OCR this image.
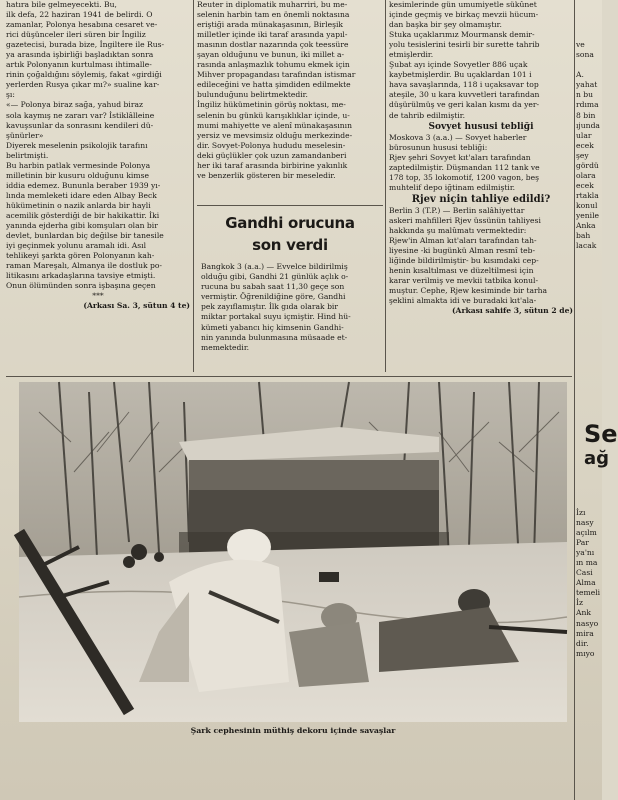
hatıra bile gelmeyecekti. Bu,

ilk defa, 22 haziran 1941 de belirdi. O

zamanlar, Polonya hesabına cesaret ve-

rici düşünceler ileri süren bir İngiliz

gazetecisi, burada bize, İngiltere ile Rus-

ya arasında işbirliği başladıktan sonra

artık Polonyanın kurtulması ihtimalle-

rinin çoğaldığını söylemiş, fakat «girdiği

yerlerden Rusya çıkar mı?» sualine kar-

şı:

«— Polonya biraz sağa, yahud biraz

sola kaymış ne zararı var? İstiklâlleine

kavuşsunlar da sonrasını kendileri dü-

şünürler»

Diyerek meselenin psikolojik tarafını

belirtmişti.

Bu harbin patlak vermesinde Polonya

milletinin bir kusuru olduğunu kimse

iddia edemez. Bununla beraber 1939 yı-

lında memleketi idare eden Albay Beck

hükümetinin o nazik anlarda bir hayli

acemilik gösterdiği de bir hakikattir. İki

yanında ejderha gibi komşuları olan bir

devlet, bunlardan biç değilse bir tanesile

iyi geçinmek yolunu aramalı idi. Asıl

tehlikeyi şarkta gören Polonyanın kah-

raman Mareşalı, Almanya ile dostluk po-

litikasını arkadaşlarına tavsiye etmişti.

Onun ölümünden sonra işbaşına geçen

***

(Arkası Sa. 3, sütun 4 te)

Reuter in diplomatik muharriri, bu me-

selenin harbin tam en önemli noktasına

eriştiği arada münakaşasının, Birleşik

milletler içinde iki taraf arasında yapıl-

masının dostlar nazarında çok teessüre

şayan olduğunu ve bunun, iki millet a-

rasında anlaşmazlık tohumu ekmek için

Mihver propagandası tarafından istismar

edileceğini ve hatta şimdiden edilmekte

bulunduğunu belirtmektedir.

İngiliz hükümetinin görüş noktası, me-

selenin bu günkü karışıklıklar içinde, u-

mumi mahiyette ve alenî münakaşasının

yersiz ve mevsimsiz olduğu merkezinde-

dir. Sovyet-Polonya hududu meselesin-

deki güçlükler çok uzun zamandanberi

her iki taraf arasında birbirine yakınlık

ve benzerlik gösteren bir meseledir.

Gandhi orucuna
son verdi

Bangkok 3 (a.a.) — Evvelce bildirilmiş

olduğu gibi, Gandhi 21 günlük açlık o-

rucuna bu sabah saat 11,30 geçe son

vermiştir. Öğrenildiğine göre, Gandhi

pek zayıflamıştır. İlk gıda olarak bir

miktar portakal suyu içmiştir. Hind hü-

kümeti yabancı hiç kimsenin Gandhi-

nin yanında bulunmasına müsaade et-

memektedir.

kesimlerinde gün umumiyetle sükûnet

içinde geçmiş ve birkaç mevzii hücum-

dan başka bir şey olmamıştır.

Stuka uçaklarımız Mourmansk demir-

yolu tesislerini tesirli bir surette tahrib

etmişlerdir.

Şubat ayı içinde Sovyetler 886 uçak

kaybetmişlerdir. Bu uçaklardan 101 i

hava savaşlarında, 118 i uçaksavar top

ateşile, 30 u kara kuvvetleri tarafından

düşürülmüş ve geri kalan kısmı da yer-

de tahrib edilmiştir.

Sovyet hususi tebliği

Moskova 3 (a.a.) — Sovyet haberler

bürosunun hususi tebliği:

Rjev şehri Sovyet kıt'aları tarafından

zaptedilmiştir. Düşmandan 112 tank ve

178 top, 35 lokomotif, 1200 vagon, beş

muhtelif depo iğtinam edilmiştir.

Rjev niçin tahliye edildi?

Berlin 3 (T.P.) — Berlin salâhiyettar

askeri mahfilleri Rjev üssünün tahliyesi

hakkında şu malûmatı vermektedir:

Rjew'in Alman kıt'aları tarafından tah-

liyesine -ki bugünkü Alman resmî teb-

liğinde bildirilmiştir- bu kısımdaki cep-

henin kısaltılması ve düzeltilmesi için

karar verilmiş ve mevkii tatbika konul-

muştur. Cephe, Rjew kesiminde bir tarha

şeklini almakta idi ve buradaki kıt'ala-

(Arkası sahife 3, sütun 2 de)

ve

sona

A.

yahat

n bu

rdıma

8 bin

ıjunda

ular

ecek

şey

gördü

olara

ecek

rtakla

konul

yenile

Anka

bah

lacak

Se
ağ

İzı

nasy

açılm

Par

ya'nı

ın ma

Casi

Alma

temeli

İz

Ank

nasyo

mira

dir.

mıyo

Şark cephesinin müthiş dekoru içinde savaşlar
